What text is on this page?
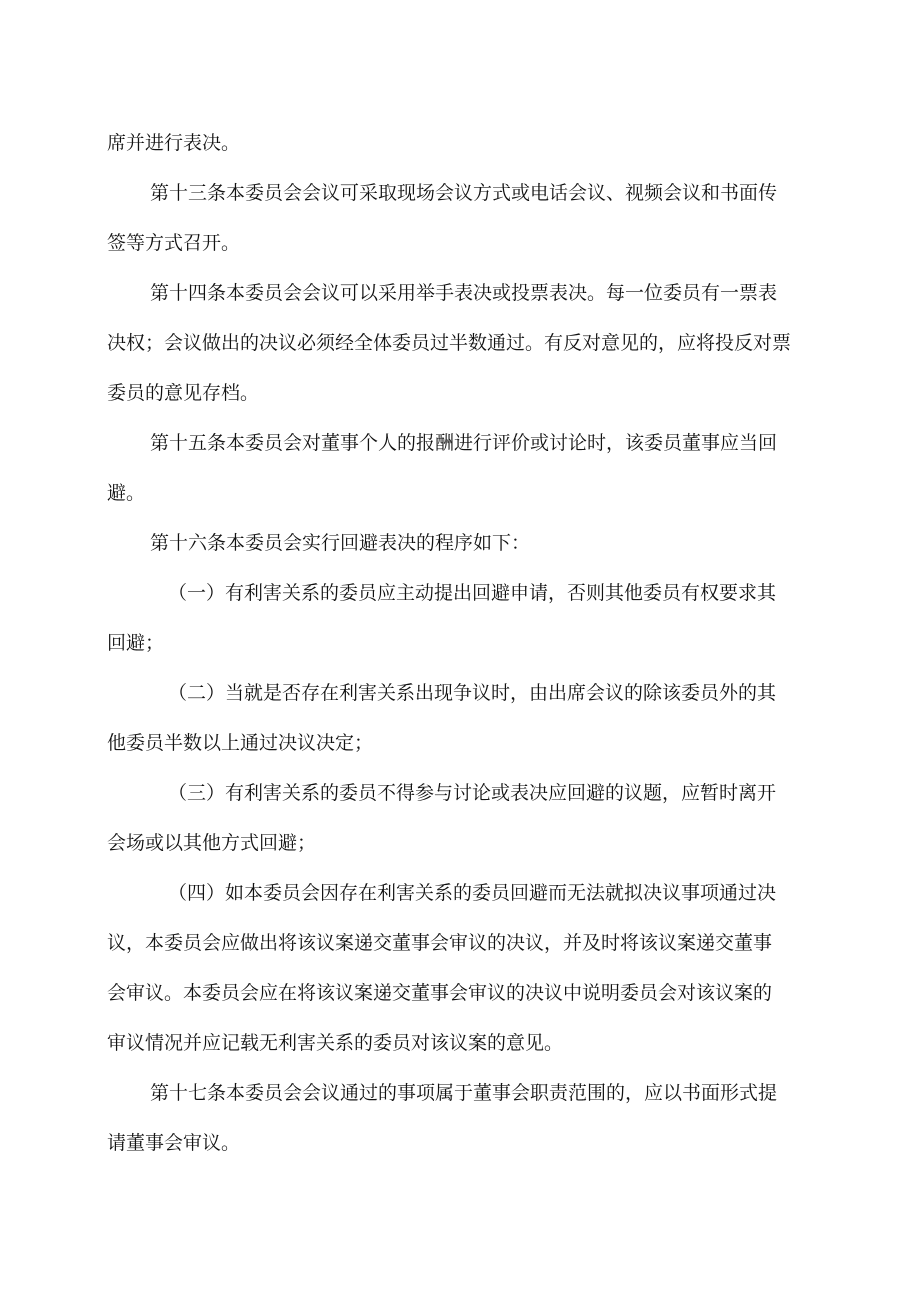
席并进行表决。
第十三条本委员会会议可采取现场会议方式或电话会议、视频会议和书面传
签等方式召开。
第十四条本委员会会议可以采用举手表决或投票表决。每一位委员有一票表
决权；会议做出的决议必须经全体委员过半数通过。有反对意见的，应将投反对票
委员的意见存档。
第十五条本委员会对董事个人的报酬进行评价或讨论时，该委员董事应当回
避。
第十六条本委员会实行回避表决的程序如下：
（一）有利害关系的委员应主动提出回避申请，否则其他委员有权要求其
回避；
（二）当就是否存在利害关系出现争议时，由出席会议的除该委员外的其
他委员半数以上通过决议决定；
（三）有利害关系的委员不得参与讨论或表决应回避的议题，应暂时离开
会场或以其他方式回避；
（四）如本委员会因存在利害关系的委员回避而无法就拟决议事项通过决
议，本委员会应做出将该议案递交董事会审议的决议，并及时将该议案递交董事
会审议。本委员会应在将该议案递交董事会审议的决议中说明委员会对该议案的
审议情况并应记载无利害关系的委员对该议案的意见。
第十七条本委员会会议通过的事项属于董事会职责范围的，应以书面形式提
请董事会审议。
